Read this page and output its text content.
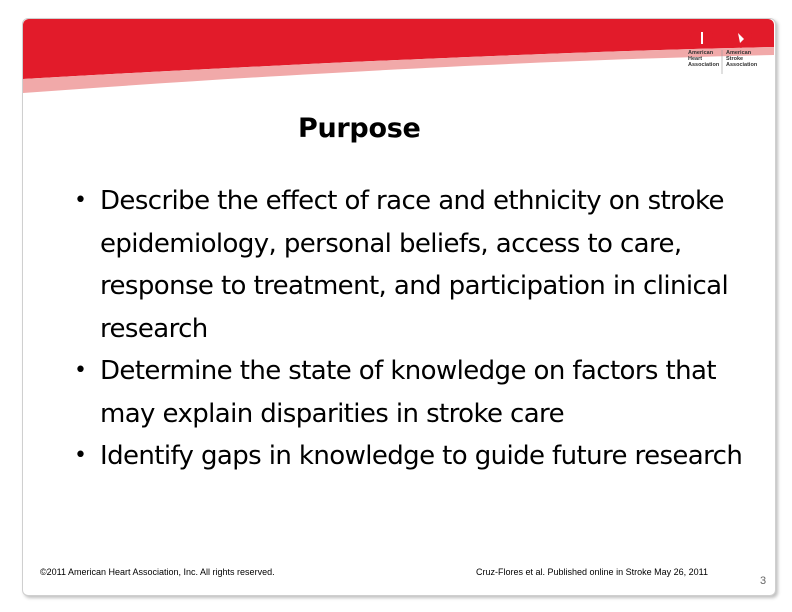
American
Heart
Association
American
Stroke
Association
Purpose
• Describe the effect of race and ethnicity on stroke epidemiology, personal beliefs, access to care, response to treatment, and participation in clinical research
• Determine the state of knowledge on factors that may explain disparities in stroke care
• Identify gaps in knowledge to guide future research
©2011 American Heart Association, Inc. All rights reserved.	Cruz-Flores et al. Published online in Stroke May 26, 2011
3
